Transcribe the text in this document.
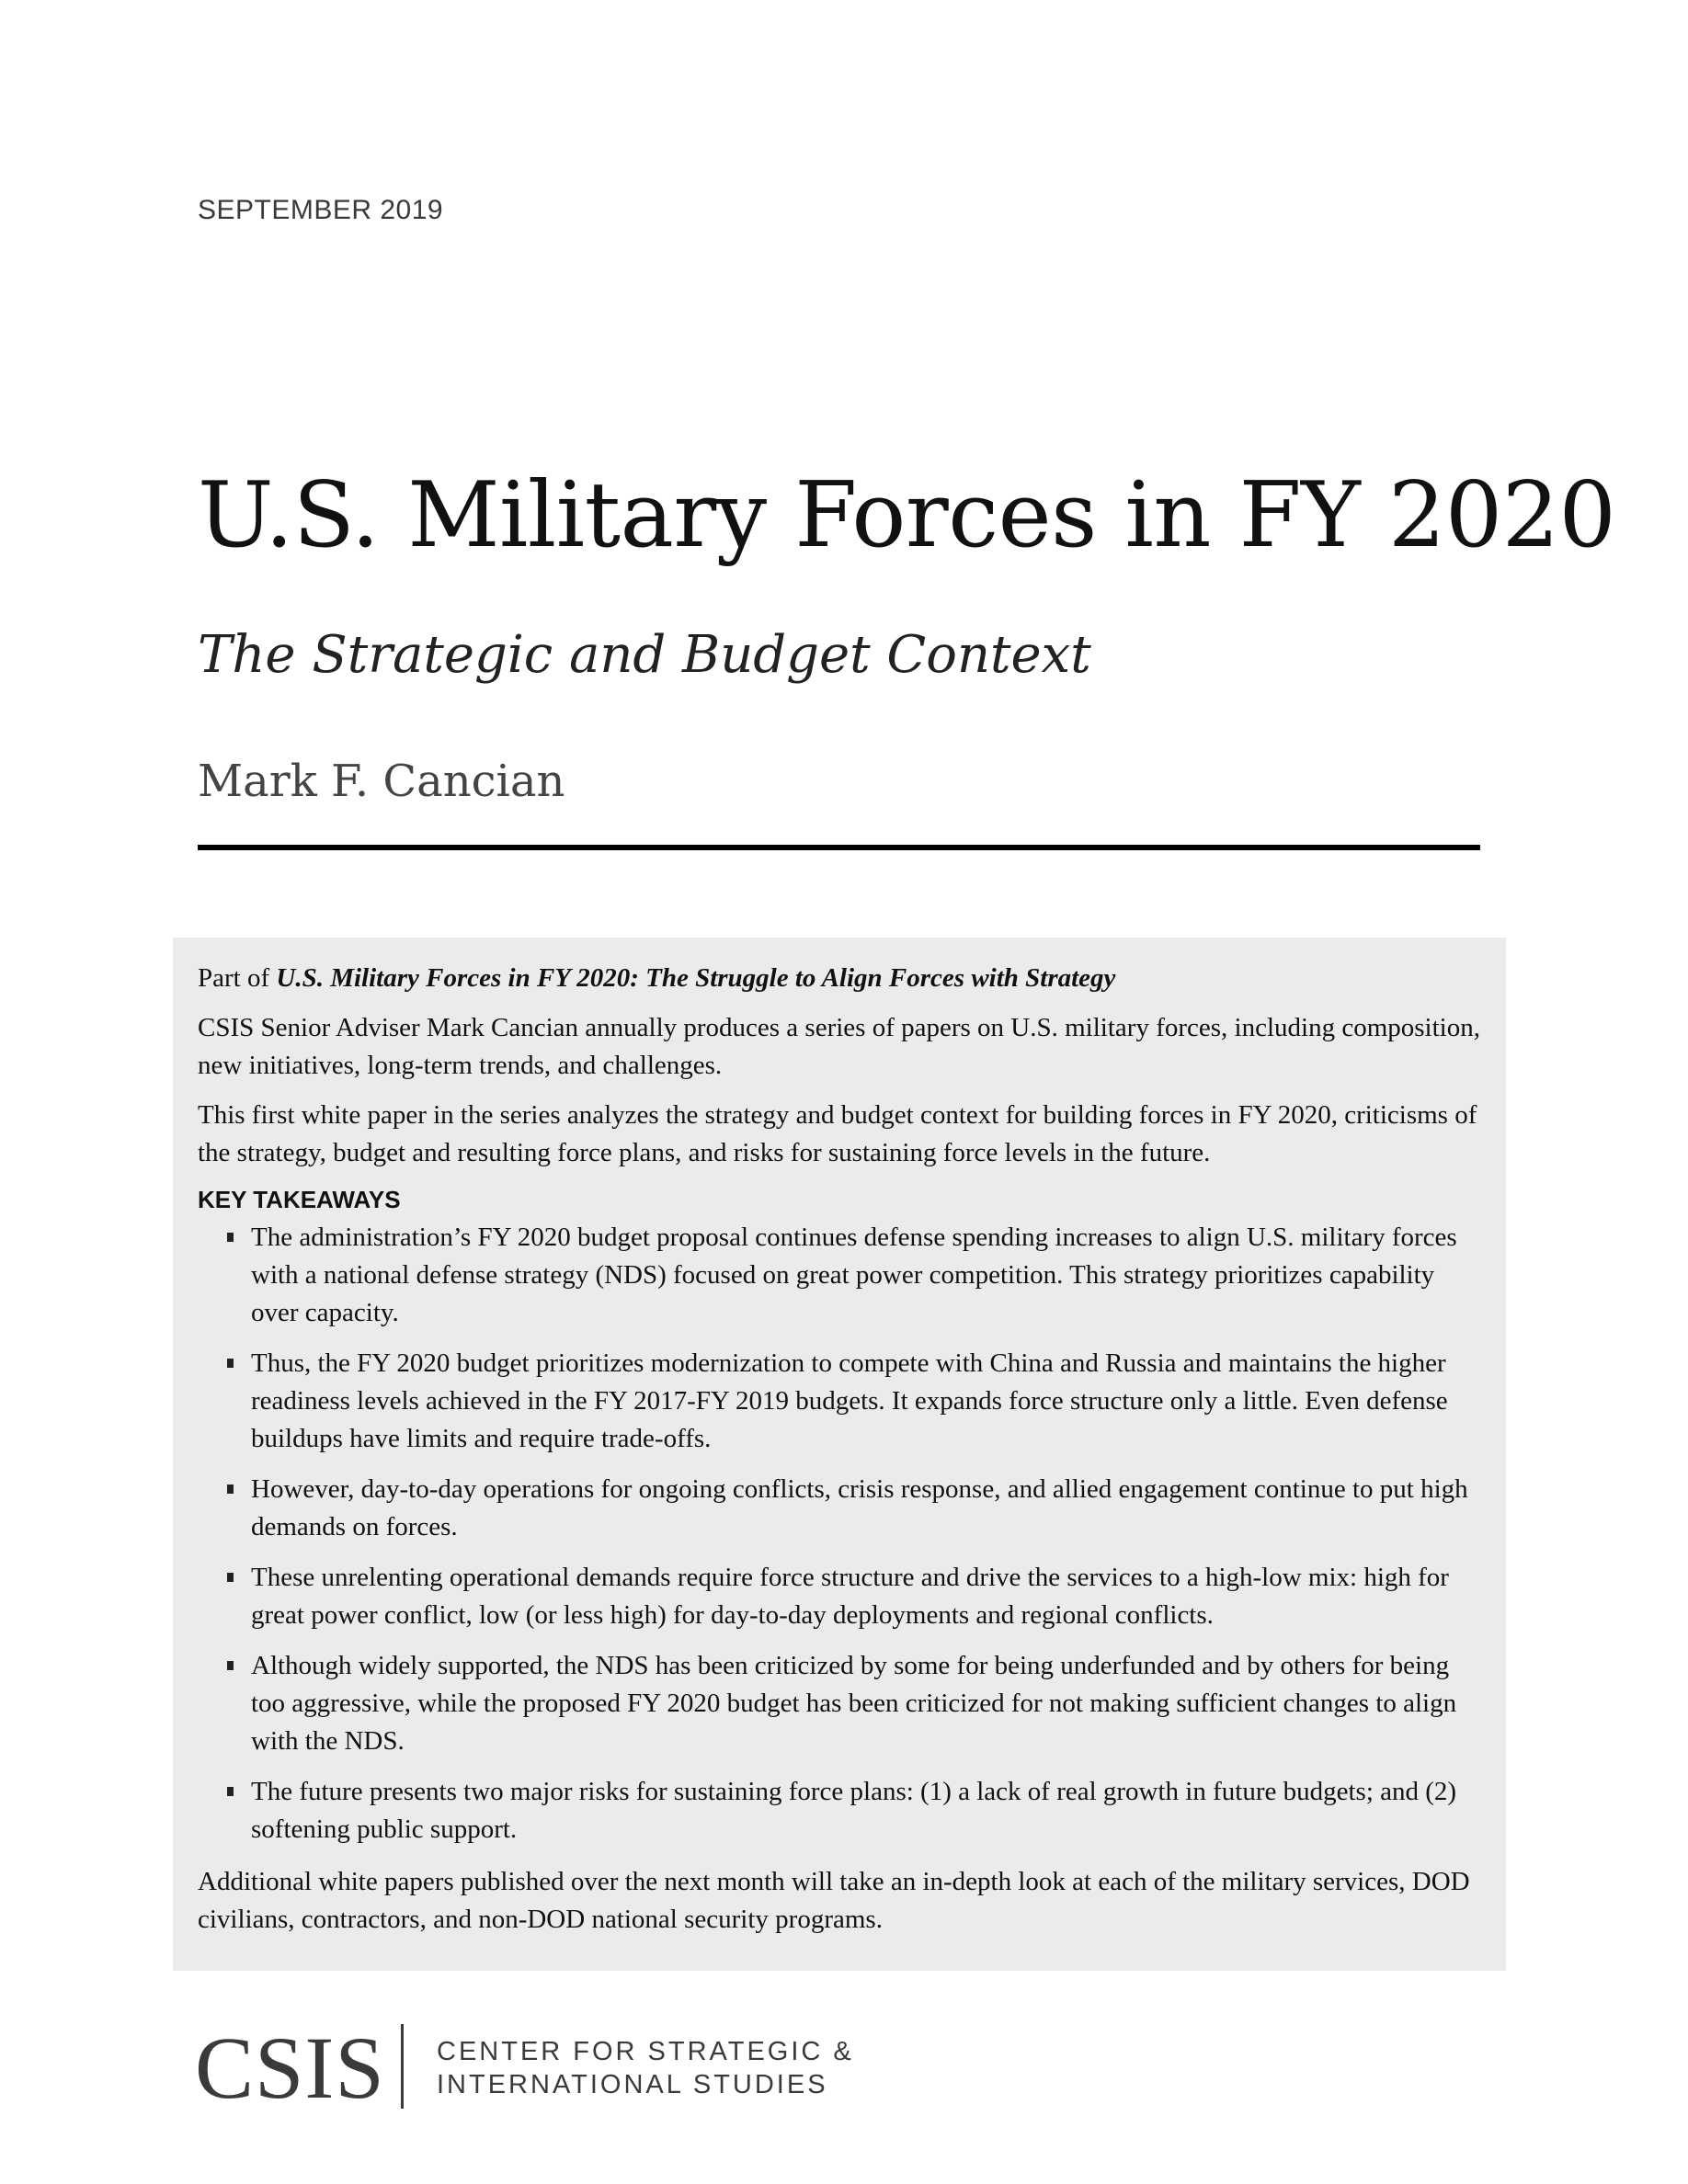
SEPTEMBER 2019
U.S. Military Forces in FY 2020
The Strategic and Budget Context
Mark F. Cancian

Part of U.S. Military Forces in FY 2020: The Struggle to Align Forces with Strategy

CSIS Senior Adviser Mark Cancian annually produces a series of papers on U.S. military forces, including composition, new initiatives, long-term trends, and challenges.

This first white paper in the series analyzes the strategy and budget context for building forces in FY 2020, criticisms of the strategy, budget and resulting force plans, and risks for sustaining force levels in the future.

KEY TAKEAWAYS
The administration’s FY 2020 budget proposal continues defense spending increases to align U.S. military forces with a national defense strategy (NDS) focused on great power competition. This strategy prioritizes capability over capacity.
Thus, the FY 2020 budget prioritizes modernization to compete with China and Russia and maintains the higher readiness levels achieved in the FY 2017-FY 2019 budgets. It expands force structure only a little. Even defense buildups have limits and require trade-offs.
However, day-to-day operations for ongoing conflicts, crisis response, and allied engagement continue to put high demands on forces.
These unrelenting operational demands require force structure and drive the services to a high-low mix: high for great power conflict, low (or less high) for day-to-day deployments and regional conflicts.
Although widely supported, the NDS has been criticized by some for being underfunded and by others for being too aggressive, while the proposed FY 2020 budget has been criticized for not making sufficient changes to align with the NDS.
The future presents two major risks for sustaining force plans: (1) a lack of real growth in future budgets; and (2) softening public support.

Additional white papers published over the next month will take an in-depth look at each of the military services, DOD civilians, contractors, and non-DOD national security programs.

CSIS CENTER FOR STRATEGIC &
INTERNATIONAL STUDIES
